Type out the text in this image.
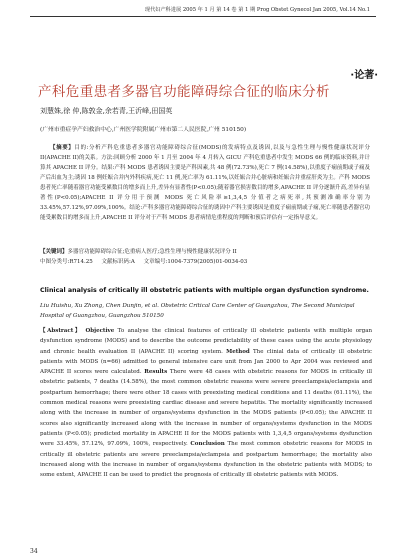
现代妇产科进展 2005 年 1 月 第 14 卷 第 1 期 Prog Obstet Gynecol Jan 2005, Vol.14 No.1
·论著·
产科危重患者多器官功能障碍综合征的临床分析
刘慧姝,徐 仲,陈敦金,余若青,王沂峰,田国英
(广州市重症孕产妇救治中心,广州医学院附属广州市第二人民医院,广州 510150)

【摘要】目的:分析产科危重患者多器官功能障碍综合征(MODS)的发病特点及诱因,以及与急性生理与慢性健康状况评分 II(APACHE II)的关系。方法:回顾分析 2000 年 1 月至 2004 年 4 月转入 GICU 产科危重患者中发生 MODS 66 例的临床资料,并计算其 APACHE II 评分。结果:产科 MODS 患者诱因主要是产科因素,共 48 例(72.73%),死亡 7 例(14.58%),以重度子痫前期或子痫及产后出血为主;诱因 18 例妊娠合并内外科疾病,死亡 11 例,死亡率为 61.11%,以妊娠合并心脏病和妊娠合并重症肝炎为主。产科 MODS 患者死亡率随着器官功能受累数目的增多而上升,差异有显著性(P<0.05);随着器官损害数目的增多,APACHE II 评分逐渐升高,差异有显著性(P<0.05);APACHE II 评分用于预测 MODS 死亡风险率≥1,3,4,5 分值者之病死率,其预测准确率分别为 33.45%,57.12%,97.09%,100%。结论:产科多器官功能障碍综合征的诱因中产科主要诱因是重度子痫前期或子痫,死亡率随患者器官功能受累数目的增多而上升,APACHE II 评分对于产科 MODS 患者病情危重程度的判断和预后评估有一定指导意义。

【关键词】多器官功能障碍综合征;危重病人医疗;急性生理与慢性健康状况评分 II

中图分类号:R714.25 文献标识码:A 文章编号:1004-7379(2005)01-0034-03
Clinical analysis of critically ill obstetric patients with multiple organ dysfunction syndrome.

Liu Huishu, Xu Zhong, Chen Dunjin, et al. Obstetric Critical Care Center of Guangzhou, The Second Municipal Hospital of Guangzhou, Guangzhou 510150

【Abstract】 Objective To analyse the clinical features of critically ill obstetric patients with multiple organ dysfunction syndrome (MODS) and to describe the outcome predictability of these cases using the acute physiology and chronic health evaluation II (APACHE II) scoring system. Method The clinial data of critically ill obstetric patients with MODS (n=66) admitted to general intensive care unit from Jan 2000 to Apr 2004 was reviewed and APACHE II scores were calculated. Results There were 48 cases with obstetric reasons for MODS in critically ill obstetric patients, 7 deaths (14.58%), the most common obstetric reasons were severe preeclampsia/eclampsia and postpartum hemorrhage; there were other 18 cases with preexisting medical conditions and 11 deaths (61.11%), the common medical reasons were preexisting cardiac disease and severe hepatitis. The mortality significantly increased along with the increase in number of organs/systems dysfunction in the MODS patients (P<0.05); the APACHE II scores also significantly increased along with the increase in number of organs/systems dysfunction in the MODS patients (P<0.05); predicted mortality in APACHE II for the MODS patients with 1,3,4,5 organs/systems dysfunction were 33.45%, 57.12%, 97.09%, 100%, respectively. Conclusion The most common obstetric reasons for MODS in critically ill obstetric patients are severe preeclampsia/eclampsia and postpartum hemorrhage; the mortality also increased along with the increase in number of organs/systems dysfunction in the obstetric patients with MODS; to some extent, APACHE II can be used to predict the prognosis of critically ill obstetric patients with MODS.

34
